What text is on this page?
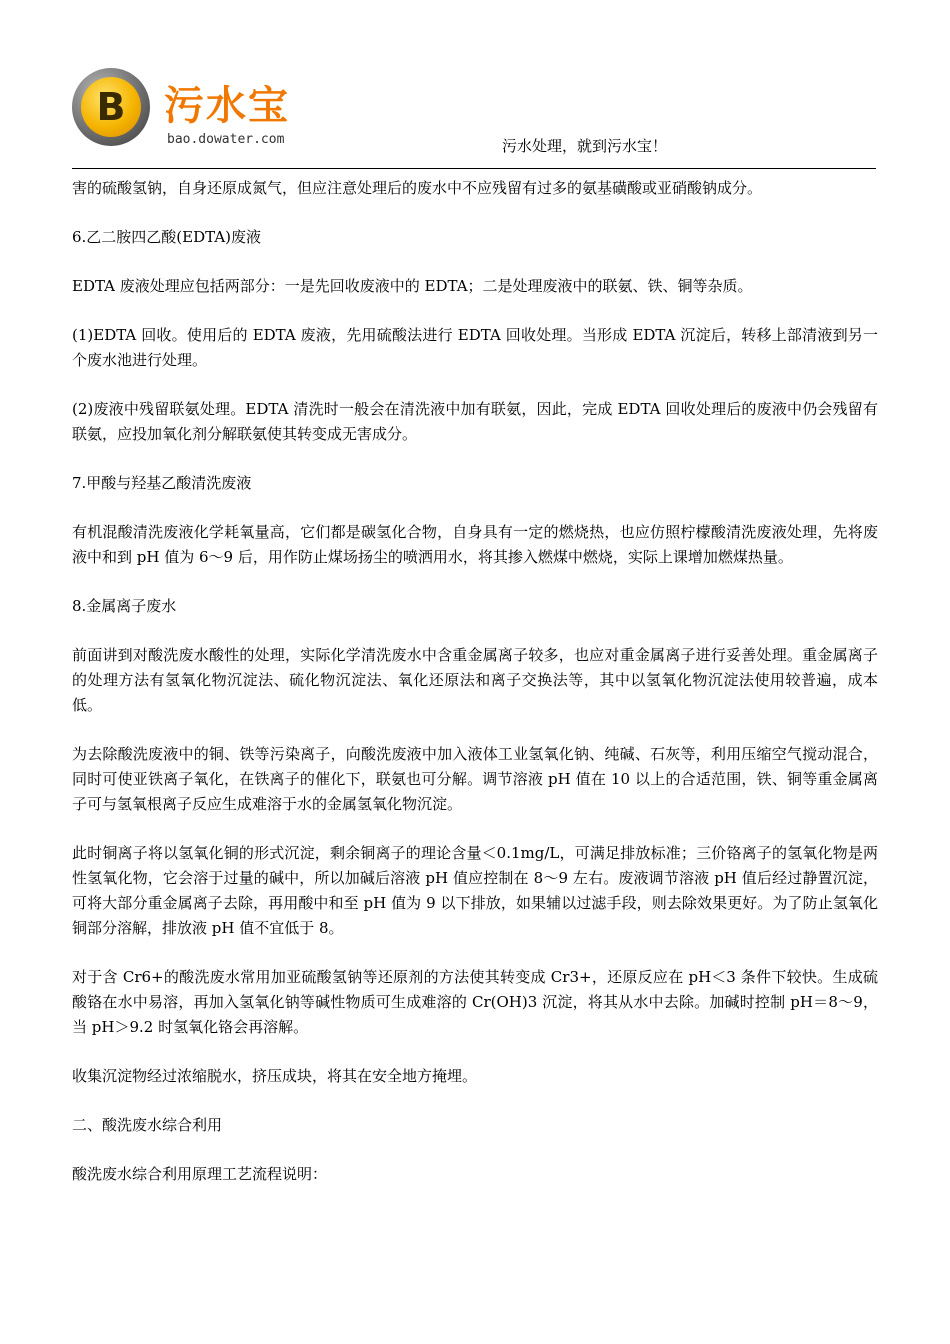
B 污水宝
bao.dowater.com	污水处理，就到污水宝！

害的硫酸氢钠，自身还原成氮气，但应注意处理后的废水中不应残留有过多的氨基磺酸或亚硝酸钠成分。

6.乙二胺四乙酸(EDTA)废液

EDTA 废液处理应包括两部分：一是先回收废液中的 EDTA；二是处理废液中的联氨、铁、铜等杂质。

(1)EDTA 回收。使用后的 EDTA 废液，先用硫酸法进行 EDTA 回收处理。当形成 EDTA 沉淀后，转移上部清液到另一个废水池进行处理。

(2)废液中残留联氨处理。EDTA 清洗时一般会在清洗液中加有联氨，因此，完成 EDTA 回收处理后的废液中仍会残留有联氨，应投加氧化剂分解联氨使其转变成无害成分。

7.甲酸与羟基乙酸清洗废液

有机混酸清洗废液化学耗氧量高，它们都是碳氢化合物，自身具有一定的燃烧热，也应仿照柠檬酸清洗废液处理，先将废液中和到 pH 值为 6～9 后，用作防止煤场扬尘的喷洒用水，将其掺入燃煤中燃烧，实际上课增加燃煤热量。

8.金属离子废水

前面讲到对酸洗废水酸性的处理，实际化学清洗废水中含重金属离子较多，也应对重金属离子进行妥善处理。重金属离子的处理方法有氢氧化物沉淀法、硫化物沉淀法、氧化还原法和离子交换法等，其中以氢氧化物沉淀法使用较普遍，成本低。

为去除酸洗废液中的铜、铁等污染离子，向酸洗废液中加入液体工业氢氧化钠、纯碱、石灰等，利用压缩空气搅动混合，同时可使亚铁离子氧化，在铁离子的催化下，联氨也可分解。调节溶液 pH 值在 10 以上的合适范围，铁、铜等重金属离子可与氢氧根离子反应生成难溶于水的金属氢氧化物沉淀。

此时铜离子将以氢氧化铜的形式沉淀，剩余铜离子的理论含量＜0.1mg/L，可满足排放标准；三价铬离子的氢氧化物是两性氢氧化物，它会溶于过量的碱中，所以加碱后溶液 pH 值应控制在 8～9 左右。废液调节溶液 pH 值后经过静置沉淀，可将大部分重金属离子去除，再用酸中和至 pH 值为 9 以下排放，如果辅以过滤手段，则去除效果更好。为了防止氢氧化铜部分溶解，排放液 pH 值不宜低于 8。

对于含 Cr6+的酸洗废水常用加亚硫酸氢钠等还原剂的方法使其转变成 Cr3+，还原反应在 pH＜3 条件下较快。生成硫酸铬在水中易溶，再加入氢氧化钠等碱性物质可生成难溶的 Cr(OH)3 沉淀，将其从水中去除。加碱时控制 pH＝8～9，当 pH＞9.2 时氢氧化铬会再溶解。

收集沉淀物经过浓缩脱水，挤压成块，将其在安全地方掩埋。

二、酸洗废水综合利用

酸洗废水综合利用原理工艺流程说明：
